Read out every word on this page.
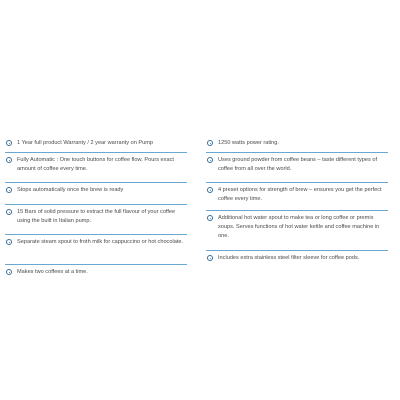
1 Year full product Warranty / 2 year warranty on Pump
Fully Automatic : One touch buttons for coffee flow. Pours exact amount of coffee every time.
Stops automatically once the brew is ready
15 Bars of solid pressure to extract the full flavour of your coffee using the built in Italian pump.
Separate steam spout to froth milk for cappuccino or hot chocolate.
Makes two coffees at a time.
1250 watts power rating.
Uses ground powder from coffee beans – taste different types of coffee from all over the world.
4 preset options for strength of brew – ensures you get the perfect coffee every time.
Additional hot water spout to make tea or long coffee or premix soups. Serves functions of hot water kettle and coffee machine in one.
Includes extra stainless steel filter sleeve for coffee pods.
